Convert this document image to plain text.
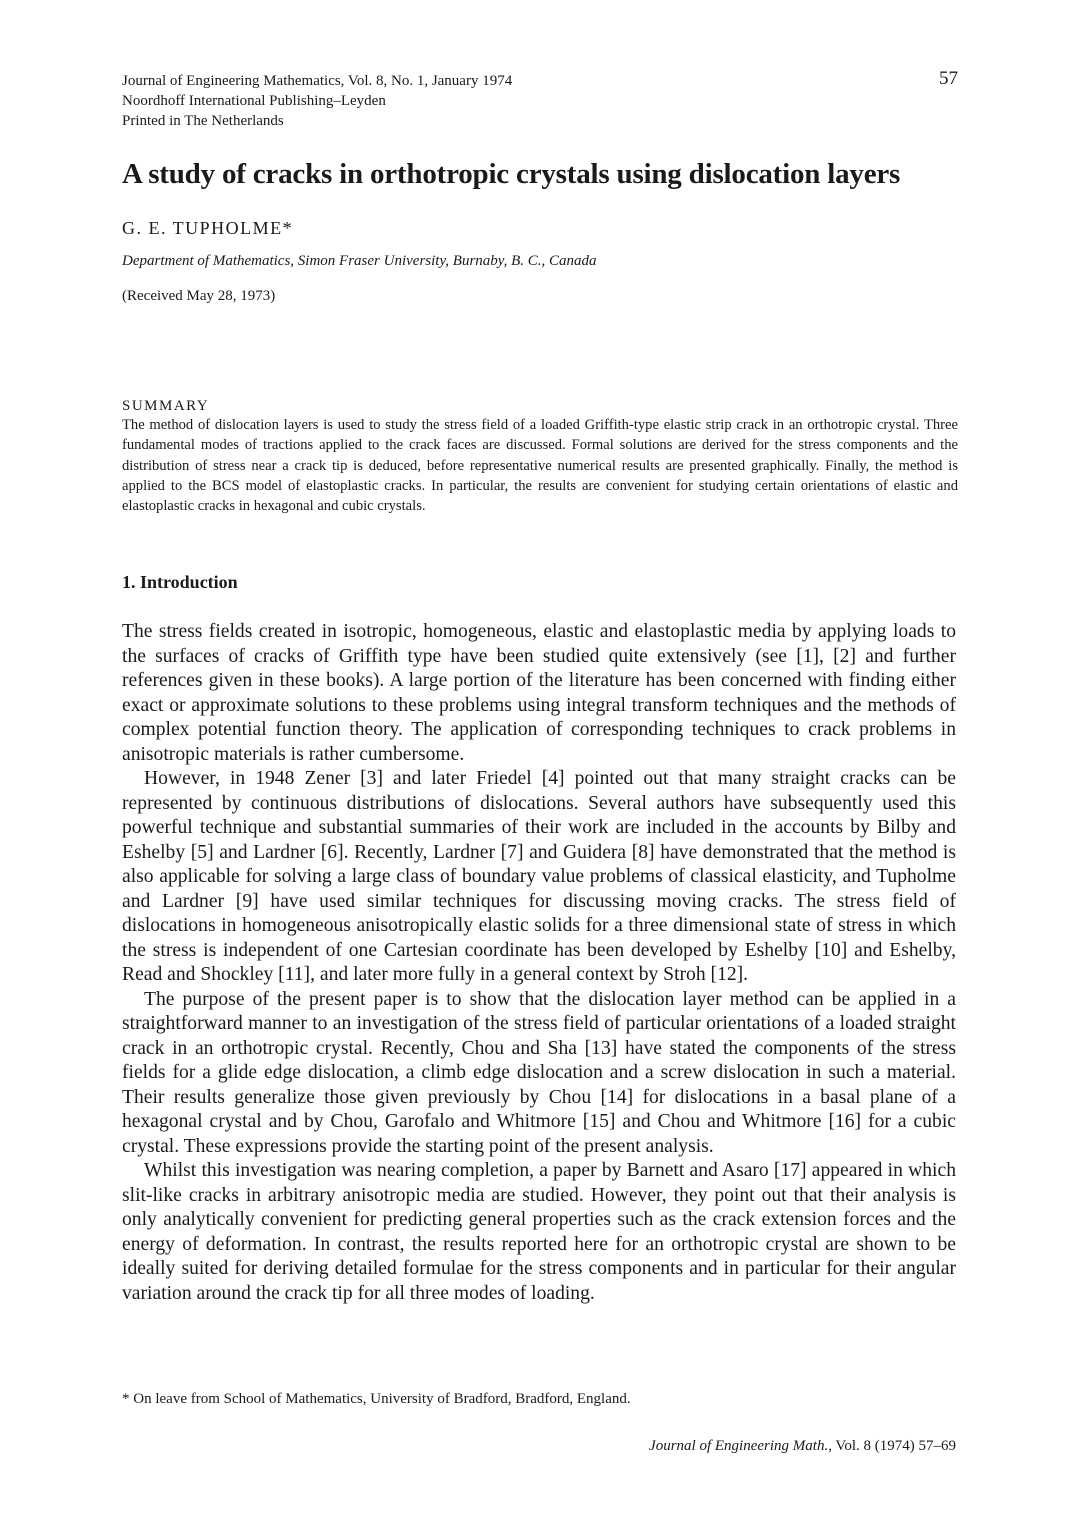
Journal of Engineering Mathematics, Vol. 8, No. 1, January 1974
Noordhoff International Publishing–Leyden
Printed in The Netherlands
57
A study of cracks in orthotropic crystals using dislocation layers
G. E. TUPHOLME*
Department of Mathematics, Simon Fraser University, Burnaby, B. C., Canada
(Received May 28, 1973)
SUMMARY
The method of dislocation layers is used to study the stress field of a loaded Griffith-type elastic strip crack in an orthotropic crystal. Three fundamental modes of tractions applied to the crack faces are discussed. Formal solutions are derived for the stress components and the distribution of stress near a crack tip is deduced, before representative numerical results are presented graphically. Finally, the method is applied to the BCS model of elastoplastic cracks. In particular, the results are convenient for studying certain orientations of elastic and elastoplastic cracks in hexagonal and cubic crystals.
1. Introduction

The stress fields created in isotropic, homogeneous, elastic and elastoplastic media by applying loads to the surfaces of cracks of Griffith type have been studied quite extensively (see [1], [2] and further references given in these books). A large portion of the literature has been concerned with finding either exact or approximate solutions to these problems using integral transform techniques and the methods of complex potential function theory. The application of corresponding techniques to crack problems in anisotropic materials is rather cumbersome.

However, in 1948 Zener [3] and later Friedel [4] pointed out that many straight cracks can be represented by continuous distributions of dislocations. Several authors have subsequently used this powerful technique and substantial summaries of their work are included in the accounts by Bilby and Eshelby [5] and Lardner [6]. Recently, Lardner [7] and Guidera [8] have demonstrated that the method is also applicable for solving a large class of boundary value problems of classical elasticity, and Tupholme and Lardner [9] have used similar techniques for discussing moving cracks. The stress field of dislocations in homogeneous anisotropically elastic solids for a three dimensional state of stress in which the stress is independent of one Cartesian coordinate has been developed by Eshelby [10] and Eshelby, Read and Shockley [11], and later more fully in a general context by Stroh [12].

The purpose of the present paper is to show that the dislocation layer method can be applied in a straightforward manner to an investigation of the stress field of particular orientations of a loaded straight crack in an orthotropic crystal. Recently, Chou and Sha [13] have stated the components of the stress fields for a glide edge dislocation, a climb edge dislocation and a screw dislocation in such a material. Their results generalize those given previously by Chou [14] for dislocations in a basal plane of a hexagonal crystal and by Chou, Garofalo and Whitmore [15] and Chou and Whitmore [16] for a cubic crystal. These expressions provide the starting point of the present analysis.

Whilst this investigation was nearing completion, a paper by Barnett and Asaro [17] appeared in which slit-like cracks in arbitrary anisotropic media are studied. However, they point out that their analysis is only analytically convenient for predicting general properties such as the crack extension forces and the energy of deformation. In contrast, the results reported here for an orthotropic crystal are shown to be ideally suited for deriving detailed formulae for the stress components and in particular for their angular variation around the crack tip for all three modes of loading.

* On leave from School of Mathematics, University of Bradford, Bradford, England.
Journal of Engineering Math., Vol. 8 (1974) 57–69
